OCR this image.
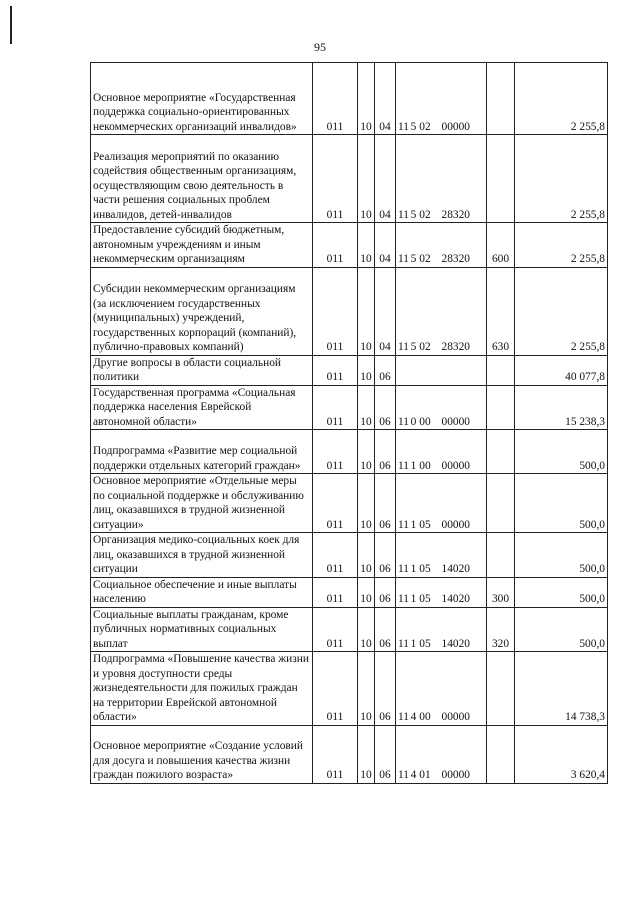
95
Основное мероприятие «Государственная поддержка социально-ориентированных некоммерческих организаций инвалидов»	011	10	04	11 5 02 00000		2 255,8
Реализация мероприятий по оказанию содействия общественным организациям, осуществляющим свою деятельность в части решения социальных проблем инвалидов, детей-инвалидов	011	10	04	11 5 02 28320		2 255,8
Предоставление субсидий бюджетным, автономным учреждениям и иным некоммерческим организациям	011	10	04	11 5 02 28320	600	2 255,8
Субсидии некоммерческим организациям (за исключением государственных (муниципальных) учреждений, государственных корпораций (компаний), публично-правовых компаний)	011	10	04	11 5 02 28320	630	2 255,8
Другие вопросы в области социальной политики	011	10	06			40 077,8
Государственная программа «Социальная поддержка населения Еврейской автономной области»	011	10	06	11 0 00 00000		15 238,3
Подпрограмма «Развитие мер социальной поддержки отдельных категорий граждан»	011	10	06	11 1 00 00000		500,0
Основное мероприятие «Отдельные меры по социальной поддержке и обслуживанию лиц, оказавшихся в трудной жизненной ситуации»	011	10	06	11 1 05 00000		500,0
Организация медико-социальных коек для лиц, оказавшихся в трудной жизненной ситуации	011	10	06	11 1 05 14020		500,0
Социальное обеспечение и иные выплаты населению	011	10	06	11 1 05 14020	300	500,0
Социальные выплаты гражданам, кроме публичных нормативных социальных выплат	011	10	06	11 1 05 14020	320	500,0
Подпрограмма «Повышение качества жизни и уровня доступности среды жизнедеятельности для пожилых граждан на территории Еврейской автономной области»	011	10	06	11 4 00 00000		14 738,3
Основное мероприятие «Создание условий для досуга и повышения качества жизни граждан пожилого возраста»	011	10	06	11 4 01 00000		3 620,4
